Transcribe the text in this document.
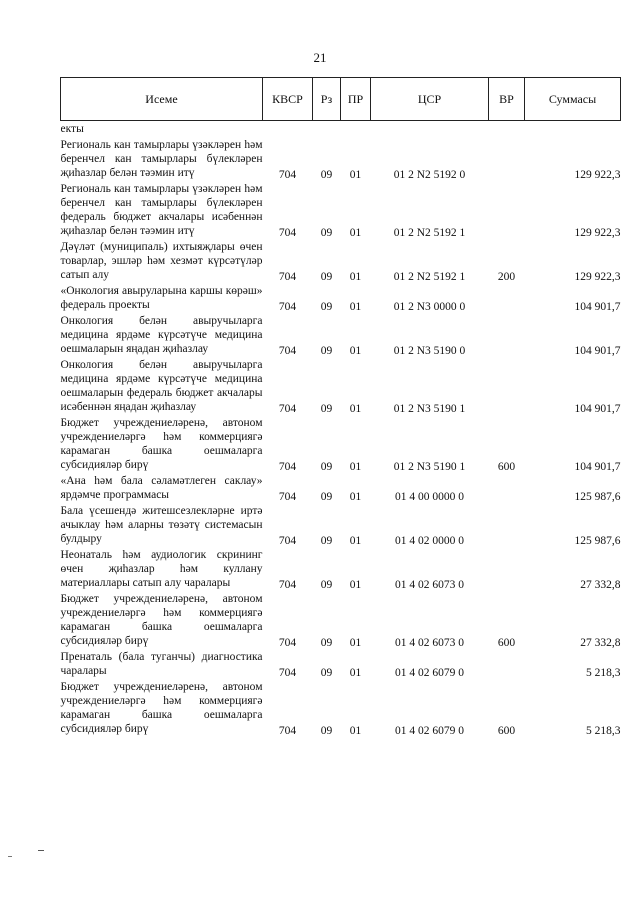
21
Исеме	КВСР	Рз	ПР	ЦСР	ВР	Суммасы
екты						
Региональ кан тамырлары үзәкләрен һәм беренчел кан тамырлары бүлекләрен җиһазлар белән тәэмин итү	704	09	01	01 2 N2 5192 0		129 922,3
Региональ кан тамырлары үзәкләрен һәм беренчел кан тамырлары бүлекләрен федераль бюджет акчалары исәбеннән җиһазлар белән тәэмин итү	704	09	01	01 2 N2 5192 1		129 922,3
Дәүләт (муниципаль) ихтыяҗлары өчен товарлар, эшләр һәм хезмәт күрсәтүләр сатып алу	704	09	01	01 2 N2 5192 1	200	129 922,3
«Онкология авыруларына каршы көрәш» федераль проекты	704	09	01	01 2 N3 0000 0		104 901,7
Онкология белән авыручыларга медицина ярдәме күрсәтүче медицина оешмаларын яңадан җиһазлау	704	09	01	01 2 N3 5190 0		104 901,7
Онкология белән авыручыларга медицина ярдәме күрсәтүче медицина оешмаларын федераль бюджет акчалары исәбеннән яңадан җиһазлау	704	09	01	01 2 N3 5190 1		104 901,7
Бюджет учреждениеләренә, автоном учреждениеләргә һәм коммерциягә карамаган башка оешмаларга субсидияләр бирү	704	09	01	01 2 N3 5190 1	600	104 901,7
«Ана һәм бала сәламәтлеген саклау» ярдәмче программасы	704	09	01	01 4 00 0000 0		125 987,6
Бала үсешендә житешсезлекләрне иртә ачыклау һәм аларны төзәтү системасын булдыру	704	09	01	01 4 02 0000 0		125 987,6
Неонаталь һәм аудиологик скрининг өчен җиһазлар һәм куллану материаллары сатып алу чаралары	704	09	01	01 4 02 6073 0		27 332,8
Бюджет учреждениеләренә, автоном учреждениеләргә һәм коммерциягә карамаган башка оешмаларга субсидияләр бирү	704	09	01	01 4 02 6073 0	600	27 332,8
Пренаталь (бала туганчы) диагностика чаралары	704	09	01	01 4 02 6079 0		5 218,3
Бюджет учреждениеләренә, автоном учреждениеләргә һәм коммерциягә карамаган башка оешмаларга субсидияләр бирү	704	09	01	01 4 02 6079 0	600	5 218,3
